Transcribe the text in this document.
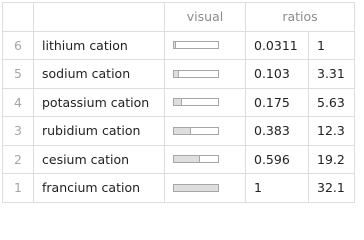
		visual	ratios	
6	lithium cation		0.0311	1
5	sodium cation		0.103	3.31
4	potassium cation		0.175	5.63
3	rubidium cation		0.383	12.3
2	cesium cation		0.596	19.2
1	francium cation		1	32.1
